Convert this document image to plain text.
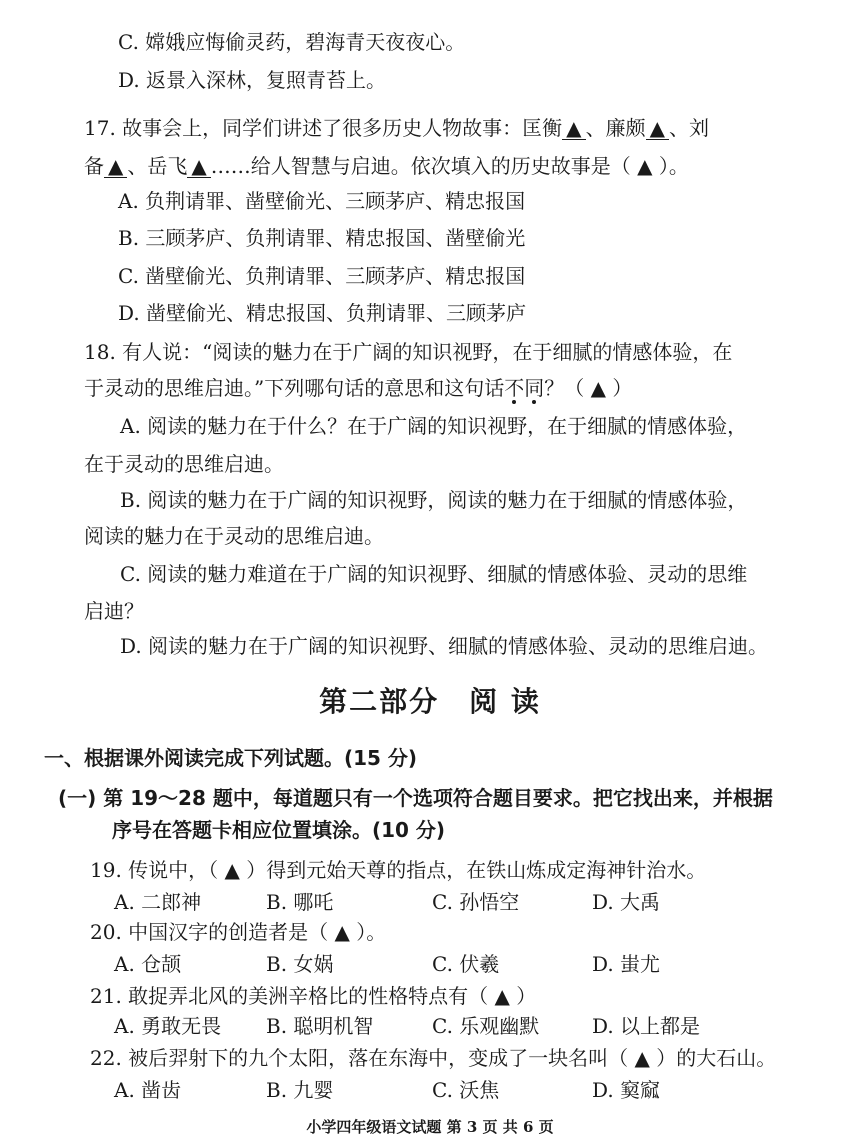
C. 嫦娥应悔偷灵药，碧海青天夜夜心。
D. 返景入深林，复照青苔上。
17. 故事会上，同学们讲述了很多历史人物故事：匡衡 ▲ 、廉颇 ▲ 、刘
备 ▲ 、岳飞 ▲ ……给人智慧与启迪。依次填入的历史故事是（ ▲ ）。
A. 负荆请罪、凿壁偷光、三顾茅庐、精忠报国
B. 三顾茅庐、负荆请罪、精忠报国、凿壁偷光
C. 凿壁偷光、负荆请罪、三顾茅庐、精忠报国
D. 凿壁偷光、精忠报国、负荆请罪、三顾茅庐
18. 有人说：“阅读的魅力在于广阔的知识视野，在于细腻的情感体验，在
于灵动的思维启迪。”下列哪句话的意思和这句话不同？（ ▲ ）
A. 阅读的魅力在于什么？在于广阔的知识视野，在于细腻的情感体验，
在于灵动的思维启迪。
B. 阅读的魅力在于广阔的知识视野，阅读的魅力在于细腻的情感体验，
阅读的魅力在于灵动的思维启迪。
C. 阅读的魅力难道在于广阔的知识视野、细腻的情感体验、灵动的思维
启迪？
D. 阅读的魅力在于广阔的知识视野、细腻的情感体验、灵动的思维启迪。
第二部分　阅 读
一、根据课外阅读完成下列试题。(15 分)
(一) 第 19～28 题中，每道题只有一个选项符合题目要求。把它找出来，并根据
序号在答题卡相应位置填涂。(10 分)
19. 传说中，（ ▲ ）得到元始天尊的指点，在铁山炼成定海神针治水。
A. 二郎神	B. 哪吒	C. 孙悟空	D. 大禹
20. 中国汉字的创造者是（ ▲ ）。
A. 仓颉	B. 女娲	C. 伏羲	D. 蚩尤
21. 敢捉弄北风的美洲辛格比的性格特点有（ ▲ ）
A. 勇敢无畏 B. 聪明机智	C. 乐观幽默	D. 以上都是
22. 被后羿射下的九个太阳，落在东海中，变成了一块名叫（ ▲ ）的大石山。
A. 凿齿	B. 九婴	C. 沃焦	D. 窫窳
小学四年级语文试题 第 3 页 共 6 页
